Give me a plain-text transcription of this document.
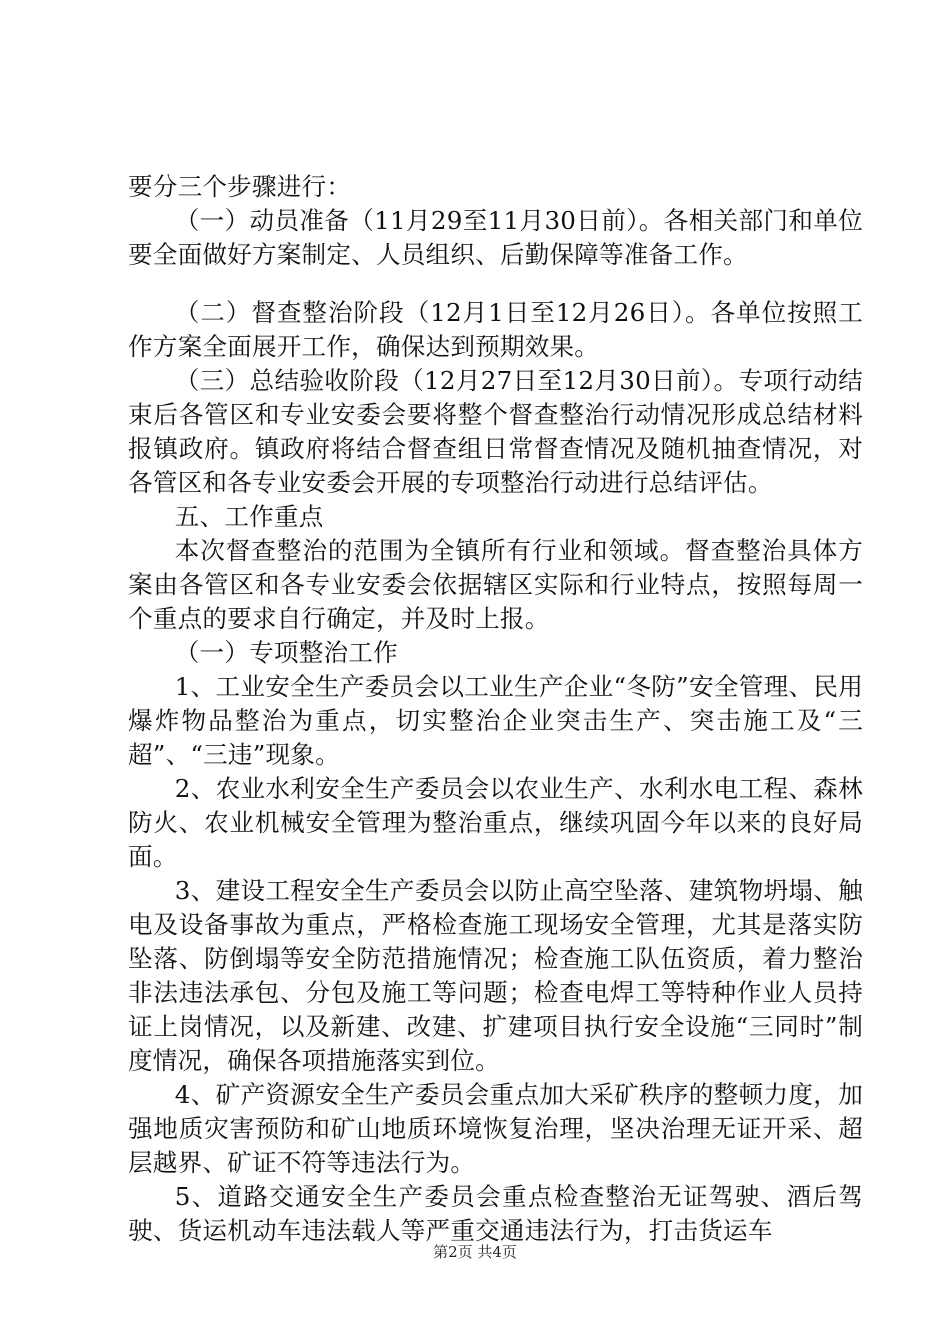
要分三个步骤进行：

（一）动员准备（11月29至11月30日前）。各相关部门和单位要全面做好方案制定、人员组织、后勤保障等准备工作。

（二）督查整治阶段（12月1日至12月26日）。各单位按照工作方案全面展开工作，确保达到预期效果。

（三）总结验收阶段（12月27日至12月30日前）。专项行动结束后各管区和专业安委会要将整个督查整治行动情况形成总结材料报镇政府。镇政府将结合督查组日常督查情况及随机抽查情况，对各管区和各专业安委会开展的专项整治行动进行总结评估。

五、工作重点

本次督查整治的范围为全镇所有行业和领域。督查整治具体方案由各管区和各专业安委会依据辖区实际和行业特点，按照每周一个重点的要求自行确定，并及时上报。

（一）专项整治工作

1、工业安全生产委员会以工业生产企业“冬防”安全管理、民用爆炸物品整治为重点，切实整治企业突击生产、突击施工及“三超”、“三违”现象。

2、农业水利安全生产委员会以农业生产、水利水电工程、森林防火、农业机械安全管理为整治重点，继续巩固今年以来的良好局面。

3、建设工程安全生产委员会以防止高空坠落、建筑物坍塌、触电及设备事故为重点，严格检查施工现场安全管理，尤其是落实防坠落、防倒塌等安全防范措施情况；检查施工队伍资质，着力整治非法违法承包、分包及施工等问题；检查电焊工等特种作业人员持证上岗情况，以及新建、改建、扩建项目执行安全设施“三同时”制度情况，确保各项措施落实到位。

4、矿产资源安全生产委员会重点加大采矿秩序的整顿力度，加强地质灾害预防和矿山地质环境恢复治理，坚决治理无证开采、超层越界、矿证不符等违法行为。

5、道路交通安全生产委员会重点检查整治无证驾驶、酒后驾驶、货运机动车违法载人等严重交通违法行为，打击货运车

第2页 共4页
